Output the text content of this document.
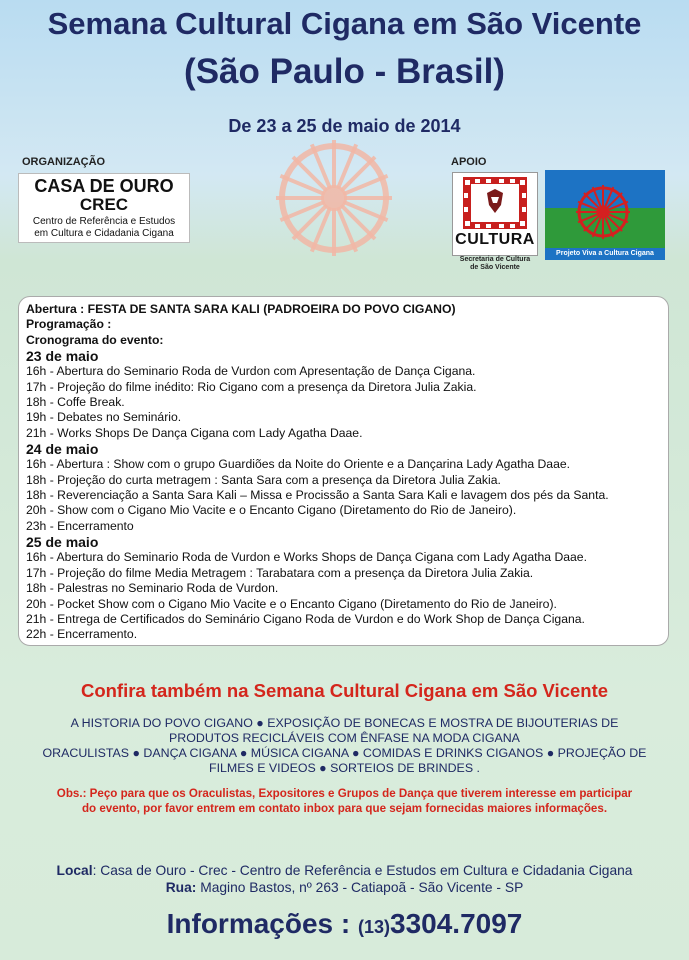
Semana Cultural Cigana em São Vicente
(São Paulo - Brasil)
De 23 a 25 de maio de 2014
ORGANIZAÇÃO
CASA DE OURO
CREC
Centro de Referência e Estudos
em Cultura e Cidadania Cigana
APOIO
CULTURA
Secretaria de Cultura
de São Vicente
Projeto Viva a Cultura Cigana
Abertura : FESTA DE SANTA SARA KALI (PADROEIRA DO POVO CIGANO)
Programação :
Cronograma do evento:
23 de maio
16h - Abertura do Seminario Roda de Vurdon com Apresentação de Dança Cigana.
17h - Projeção do filme inédito: Rio Cigano com a presença da Diretora Julia Zakia.
18h - Coffe Break.
19h - Debates no Seminário.
21h - Works Shops De Dança Cigana com Lady Agatha Daae.
24 de maio
16h - Abertura : Show com o grupo Guardiões da Noite do Oriente e a Dançarina Lady Agatha Daae.
18h - Projeção do curta metragem : Santa Sara com a presença da Diretora Julia Zakia.
18h - Reverenciação a Santa Sara Kali – Missa e Procissão a Santa Sara Kali e lavagem dos pés da Santa.
20h - Show com o Cigano Mio Vacite e o Encanto Cigano (Diretamento do Rio de Janeiro).
23h - Encerramento
25 de maio
16h - Abertura do Seminario Roda de Vurdon e Works Shops de Dança Cigana com Lady Agatha Daae.
17h - Projeção do filme Media Metragem : Tarabatara com a presença da Diretora Julia Zakia.
18h - Palestras no Seminario Roda de Vurdon.
20h - Pocket Show com o Cigano Mio Vacite e o Encanto Cigano (Diretamento do Rio de Janeiro).
21h - Entrega de Certificados do Seminário Cigano Roda de Vurdon e do Work Shop de Dança Cigana.
22h - Encerramento.
Confira também na Semana Cultural Cigana em São Vicente
A HISTORIA DO POVO CIGANO ● EXPOSIÇÃO DE BONECAS E MOSTRA DE BIJOUTERIAS DE
PRODUTOS RECICLÁVEIS COM ÊNFASE NA MODA CIGANA
ORACULISTAS ● DANÇA CIGANA ● MÚSICA CIGANA ● COMIDAS E DRINKS CIGANOS ● PROJEÇÃO DE
FILMES E VIDEOS ● SORTEIOS DE BRINDES .
Obs.: Peço para que os Oraculistas, Expositores e Grupos de Dança que tiverem interesse em participar
do evento, por favor entrem em contato inbox para que sejam fornecidas maiores informações.
Local: Casa de Ouro - Crec - Centro de Referência e Estudos em Cultura e Cidadania Cigana
Rua: Magino Bastos, nº 263 - Catiapoã - São Vicente - SP
Informações : (13)3304.7097
